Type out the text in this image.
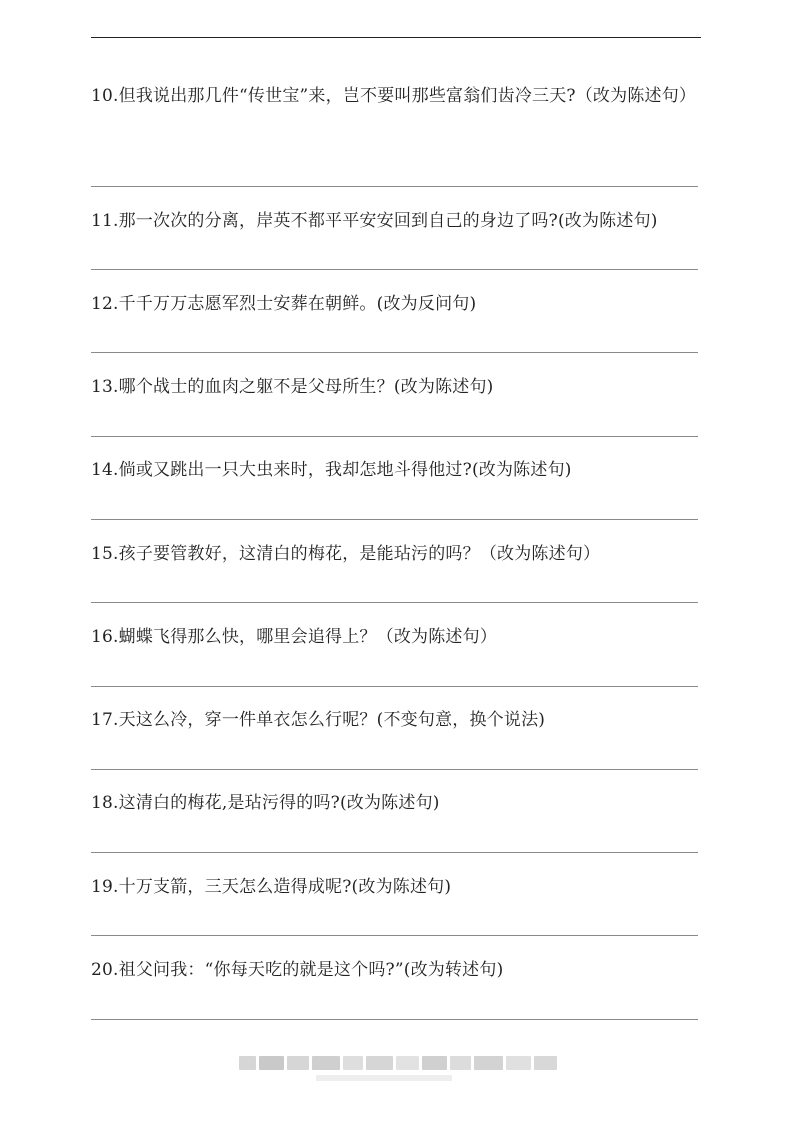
10.但我说出那几件“传世宝”来，岂不要叫那些富翁们齿冷三天?（改为陈述句）
11.那一次次的分离，岸英不都平平安安回到自己的身边了吗?(改为陈述句)
12.千千万万志愿军烈士安葬在朝鲜。(改为反问句)
13.哪个战士的血肉之躯不是父母所生？(改为陈述句)
14.倘或又跳出一只大虫来时，我却怎地斗得他过?(改为陈述句)
15.孩子要管教好，这清白的梅花，是能玷污的吗？（改为陈述句）
16.蝴蝶飞得那么快，哪里会追得上？（改为陈述句）
17.天这么冷，穿一件单衣怎么行呢？(不变句意，换个说法)
18.这清白的梅花,是玷污得的吗?(改为陈述句)
19.十万支箭，三天怎么造得成呢?(改为陈述句)
20.祖父问我：“你每天吃的就是这个吗?”(改为转述句)
